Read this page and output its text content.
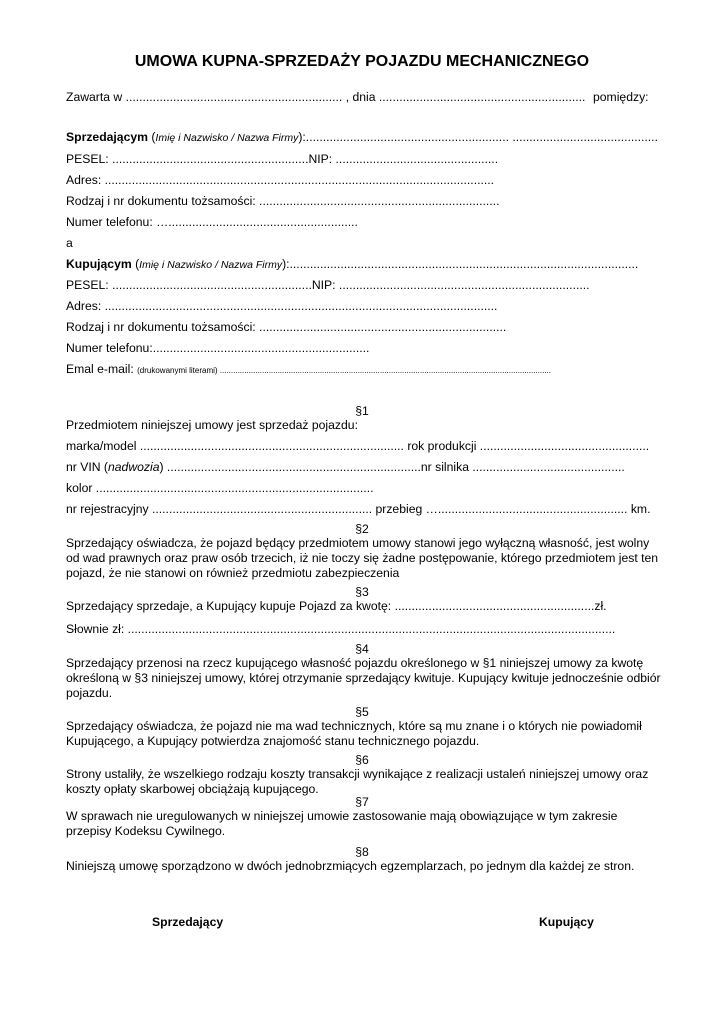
UMOWA KUPNA-SPRZEDAŻY POJAZDU MECHANICZNEGO
Zawarta w ................................................................ , dnia ............................................................. pomiędzy:
Sprzedającym (Imię i Nazwisko / Nazwa Firmy):............................................................ ...........................................
PESEL: ..........................................................NIP: ................................................
Adres: ...................................................................................................................
Rodzaj i nr dokumentu tożsamości: .......................................................................
Numer telefonu: …........................................................
a
Kupującym (Imię i Nazwisko / Nazwa Firmy):.......................................................................................................
PESEL: ...........................................................NIP: ..........................................................................
Adres: ....................................................................................................................
Rodzaj i nr dokumentu tożsamości: .........................................................................
Numer telefonu:................................................................
Emal e-mail: (drukowanymi literami) .....................................................................................................................................................
§1
Przedmiotem niniejszej umowy jest sprzedaż pojazdu:
marka/model .............................................................................. rok produkcji ..................................................
nr VIN (nadwozia) ...........................................................................nr silnika .............................................
kolor ..................................................................................
nr rejestracyjny ................................................................. przebieg …........................................................ km.
§2
Sprzedający oświadcza, że pojazd będący przedmiotem umowy stanowi jego wyłączną własność, jest wolny od wad prawnych oraz praw osób trzecich, iż nie toczy się żadne postępowanie, którego przedmiotem jest ten pojazd, że nie stanowi on również przedmiotu zabezpieczenia
§3
Sprzedający sprzedaje, a Kupujący kupuje Pojazd za kwotę: ...........................................................zł.
Słownie zł: ................................................................................................................................................
§4
Sprzedający przenosi na rzecz kupującego własność pojazdu określonego w §1 niniejszej umowy za kwotę określoną w §3 niniejszej umowy, której otrzymanie sprzedający kwituje. Kupujący kwituje jednocześnie odbiór pojazdu.
§5
Sprzedający oświadcza, że pojazd nie ma wad technicznych, które są mu znane i o których nie powiadomił Kupującego, a Kupujący potwierdza znajomość stanu technicznego pojazdu.
§6
Strony ustaliły, że wszelkiego rodzaju koszty transakcji wynikające z realizacji ustaleń niniejszej umowy oraz koszty opłaty skarbowej obciążają kupującego.
§7
W sprawach nie uregulowanych w niniejszej umowie zastosowanie mają obowiązujące w tym zakresie przepisy Kodeksu Cywilnego.
§8
Niniejszą umowę sporządzono w dwóch jednobrzmiących egzemplarzach, po jednym dla każdej ze stron.
Sprzedający	Kupujący
